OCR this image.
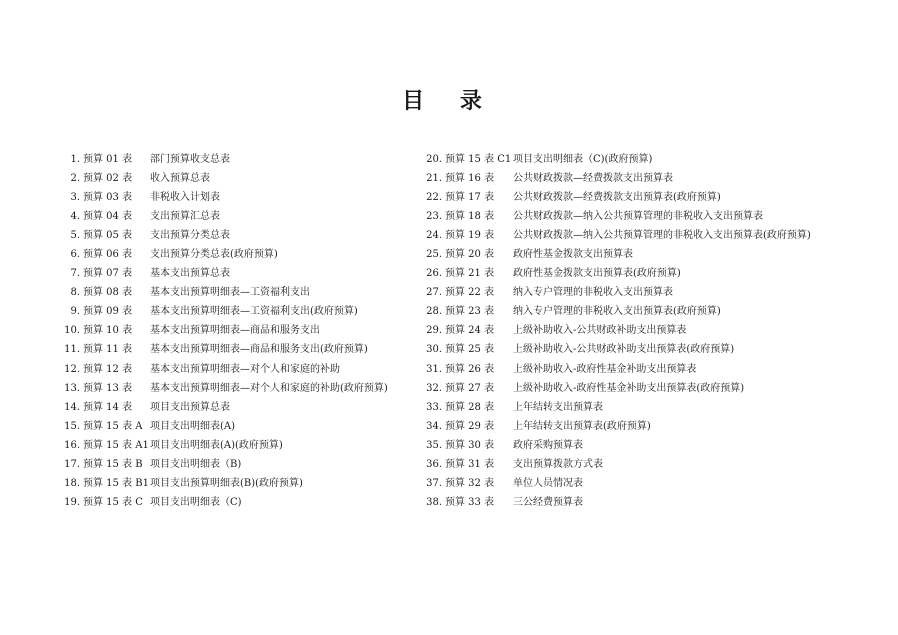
目 录
1. 预算 01 表 部门预算收支总表
2. 预算 02 表 收入预算总表
3. 预算 03 表 非税收入计划表
4. 预算 04 表 支出预算汇总表
5. 预算 05 表 支出预算分类总表
6. 预算 06 表 支出预算分类总表(政府预算)
7. 预算 07 表 基本支出预算总表
8. 预算 08 表 基本支出预算明细表—工资福利支出
9. 预算 09 表 基本支出预算明细表—工资福利支出(政府预算)
10. 预算 10 表 基本支出预算明细表—商品和服务支出
11. 预算 11 表 基本支出预算明细表—商品和服务支出(政府预算)
12. 预算 12 表 基本支出预算明细表—对个人和家庭的补助
13. 预算 13 表 基本支出预算明细表—对个人和家庭的补助(政府预算)
14. 预算 14 表 项目支出预算总表
15. 预算 15 表 A 项目支出明细表(A)
16. 预算 15 表 A1 项目支出明细表(A)(政府预算)
17. 预算 15 表 B 项目支出明细表（B)
18. 预算 15 表 B1 项目支出预算明细表(B)(政府预算)
19. 预算 15 表 C 项目支出明细表（C)
20. 预算 15 表 C1 项目支出明细表（C)(政府预算)
21. 预算 16 表 公共财政拨款—经费拨款支出预算表
22. 预算 17 表 公共财政拨款—经费拨款支出预算表(政府预算)
23. 预算 18 表 公共财政拨款—纳入公共预算管理的非税收入支出预算表
24. 预算 19 表 公共财政拨款—纳入公共预算管理的非税收入支出预算表(政府预算)
25. 预算 20 表 政府性基金拨款支出预算表
26. 预算 21 表 政府性基金拨款支出预算表(政府预算)
27. 预算 22 表 纳入专户管理的非税收入支出预算表
28. 预算 23 表 纳入专户管理的非税收入支出预算表(政府预算)
29. 预算 24 表 上级补助收入-公共财政补助支出预算表
30. 预算 25 表 上级补助收入-公共财政补助支出预算表(政府预算)
31. 预算 26 表 上级补助收入-政府性基金补助支出预算表
32. 预算 27 表 上级补助收入-政府性基金补助支出预算表(政府预算)
33. 预算 28 表 上年结转支出预算表
34. 预算 29 表 上年结转支出预算表(政府预算)
35. 预算 30 表 政府采购预算表
36. 预算 31 表 支出预算拨款方式表
37. 预算 32 表 单位人员情况表
38. 预算 33 表 三公经费预算表
